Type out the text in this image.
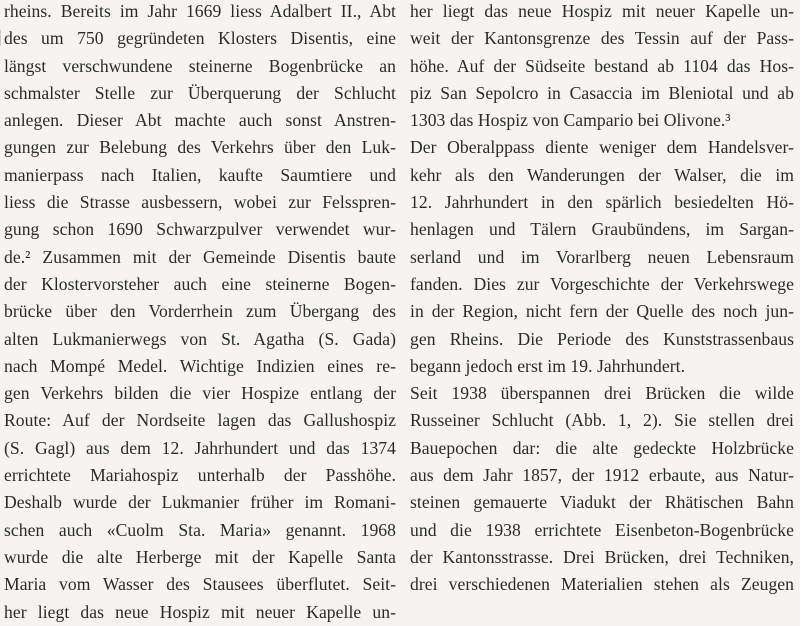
rheins. Bereits im Jahr 1669 liess Adalbert II., Abt
des um 750 gegründeten Klosters Disentis, eine
längst verschwundene steinerne Bogenbrücke an
schmalster Stelle zur Überquerung der Schlucht
anlegen. Dieser Abt machte auch sonst Anstren-
gungen zur Belebung des Verkehrs über den Luk-
manierpass nach Italien, kaufte Saumtiere und
liess die Strasse ausbessern, wobei zur Felsspren-
gung schon 1690 Schwarzpulver verwendet wur-
de.² Zusammen mit der Gemeinde Disentis baute
der Klostervorsteher auch eine steinerne Bogen-
brücke über den Vorderrhein zum Übergang des
alten Lukmanierwegs von St. Agatha (S. Gada)
nach Mompé Medel. Wichtige Indizien eines re-
gen Verkehrs bilden die vier Hospize entlang der
Route: Auf der Nordseite lagen das Gallushospiz
(S. Gagl) aus dem 12. Jahrhundert und das 1374
errichtete Mariahospiz unterhalb der Passhöhe.
Deshalb wurde der Lukmanier früher im Romani-
schen auch «Cuolm Sta. Maria» genannt. 1968
wurde die alte Herberge mit der Kapelle Santa
Maria vom Wasser des Stausees überflutet. Seit-
her liegt das neue Hospiz mit neuer Kapelle un-
her liegt das neue Hospiz mit neuer Kapelle un-
weit der Kantonsgrenze des Tessin auf der Pass-
höhe. Auf der Südseite bestand ab 1104 das Hos-
piz San Sepolcro in Casaccia im Bleniotal und ab
1303 das Hospiz von Campario bei Olivone.³
Der Oberalppass diente weniger dem Handelsver-
kehr als den Wanderungen der Walser, die im
12. Jahrhundert in den spärlich besiedelten Hö-
henlagen und Tälern Graubündens, im Sargan-
serland und im Vorarlberg neuen Lebensraum
fanden. Dies zur Vorgeschichte der Verkehrswege
in der Region, nicht fern der Quelle des noch jun-
gen Rheins. Die Periode des Kunststrassenbaus
begann jedoch erst im 19. Jahrhundert.
Seit 1938 überspannen drei Brücken die wilde
Russeiner Schlucht (Abb. 1, 2). Sie stellen drei
Bauepochen dar: die alte gedeckte Holzbrücke
aus dem Jahr 1857, der 1912 erbaute, aus Natur-
steinen gemauerte Viadukt der Rhätischen Bahn
und die 1938 errichtete Eisenbeton-Bogenbrücke
der Kantonsstrasse. Drei Brücken, drei Techniken,
drei verschiedenen Materialien stehen als Zeugen
